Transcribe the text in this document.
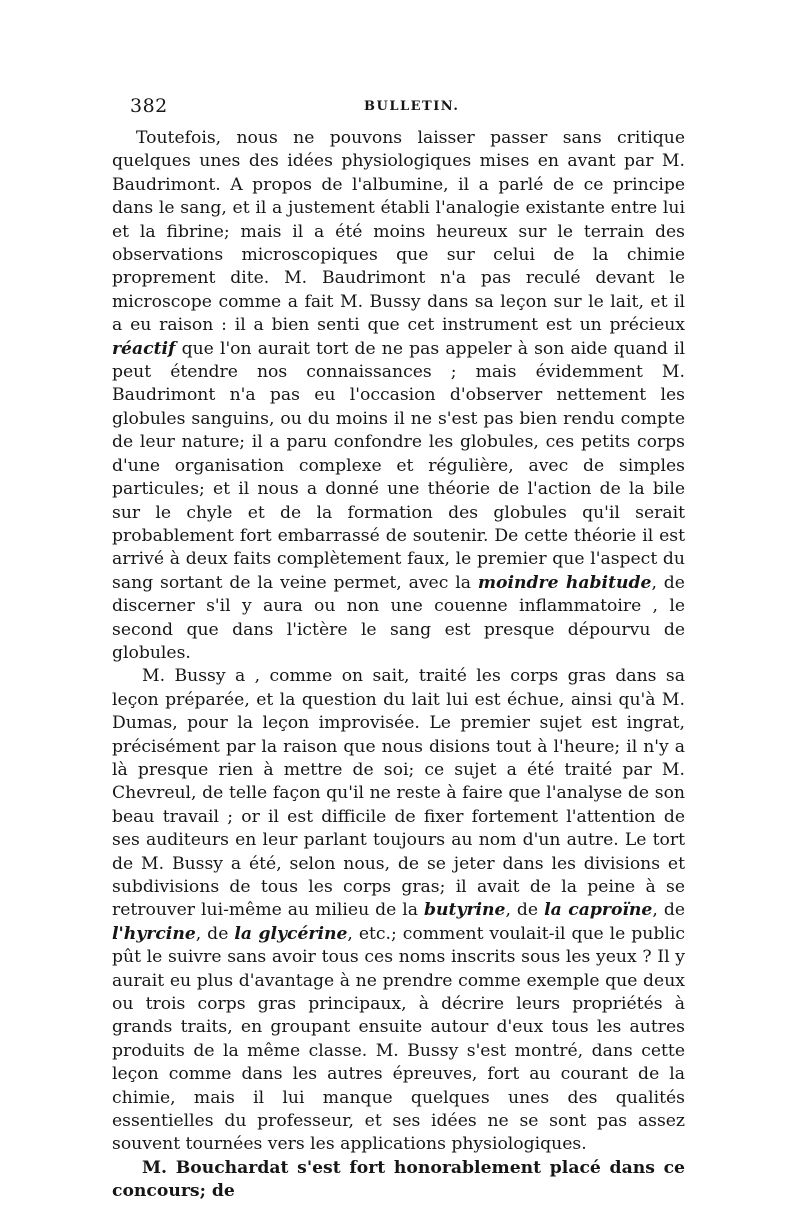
382	BULLETIN.

Toutefois, nous ne pouvons laisser passer sans critique quelques unes des idées physiologiques mises en avant par M. Baudrimont. A propos de l'albumine, il a parlé de ce principe dans le sang, et il a justement établi l'analogie existante entre lui et la fibrine; mais il a été moins heureux sur le terrain des observations microscopiques que sur celui de la chimie proprement dite. M. Baudrimont n'a pas reculé devant le microscope comme a fait M. Bussy dans sa leçon sur le lait, et il a eu raison : il a bien senti que cet instrument est un précieux réactif que l'on aurait tort de ne pas appeler à son aide quand il peut étendre nos connaissances ; mais évidemment M. Baudrimont n'a pas eu l'occasion d'observer nettement les globules sanguins, ou du moins il ne s'est pas bien rendu compte de leur nature; il a paru confondre les globules, ces petits corps d'une organisation complexe et régulière, avec de simples particules; et il nous a donné une théorie de l'action de la bile sur le chyle et de la formation des globules qu'il serait probablement fort embarrassé de soutenir. De cette théorie il est arrivé à deux faits complètement faux, le premier que l'aspect du sang sortant de la veine permet, avec la moindre habitude, de discerner s'il y aura ou non une couenne inflammatoire , le second que dans l'ictère le sang est presque dépourvu de globules.

M. Bussy a , comme on sait, traité les corps gras dans sa leçon préparée, et la question du lait lui est échue, ainsi qu'à M. Dumas, pour la leçon improvisée. Le premier sujet est ingrat, précisément par la raison que nous disions tout à l'heure; il n'y a là presque rien à mettre de soi; ce sujet a été traité par M. Chevreul, de telle façon qu'il ne reste à faire que l'analyse de son beau travail ; or il est difficile de fixer fortement l'attention de ses auditeurs en leur parlant toujours au nom d'un autre. Le tort de M. Bussy a été, selon nous, de se jeter dans les divisions et subdivisions de tous les corps gras; il avait de la peine à se retrouver lui-même au milieu de la butyrine, de la caproïne, de l'hyrcine, de la glycérine, etc.; comment voulait-il que le public pût le suivre sans avoir tous ces noms inscrits sous les yeux ? Il y aurait eu plus d'avantage à ne prendre comme exemple que deux ou trois corps gras principaux, à décrire leurs propriétés à grands traits, en groupant ensuite autour d'eux tous les autres produits de la même classe. M. Bussy s'est montré, dans cette leçon comme dans les autres épreuves, fort au courant de la chimie, mais il lui manque quelques unes des qualités essentielles du professeur, et ses idées ne se sont pas assez souvent tournées vers les applications physiologiques.

M. Bouchardat s'est fort honorablement placé dans ce concours; de
